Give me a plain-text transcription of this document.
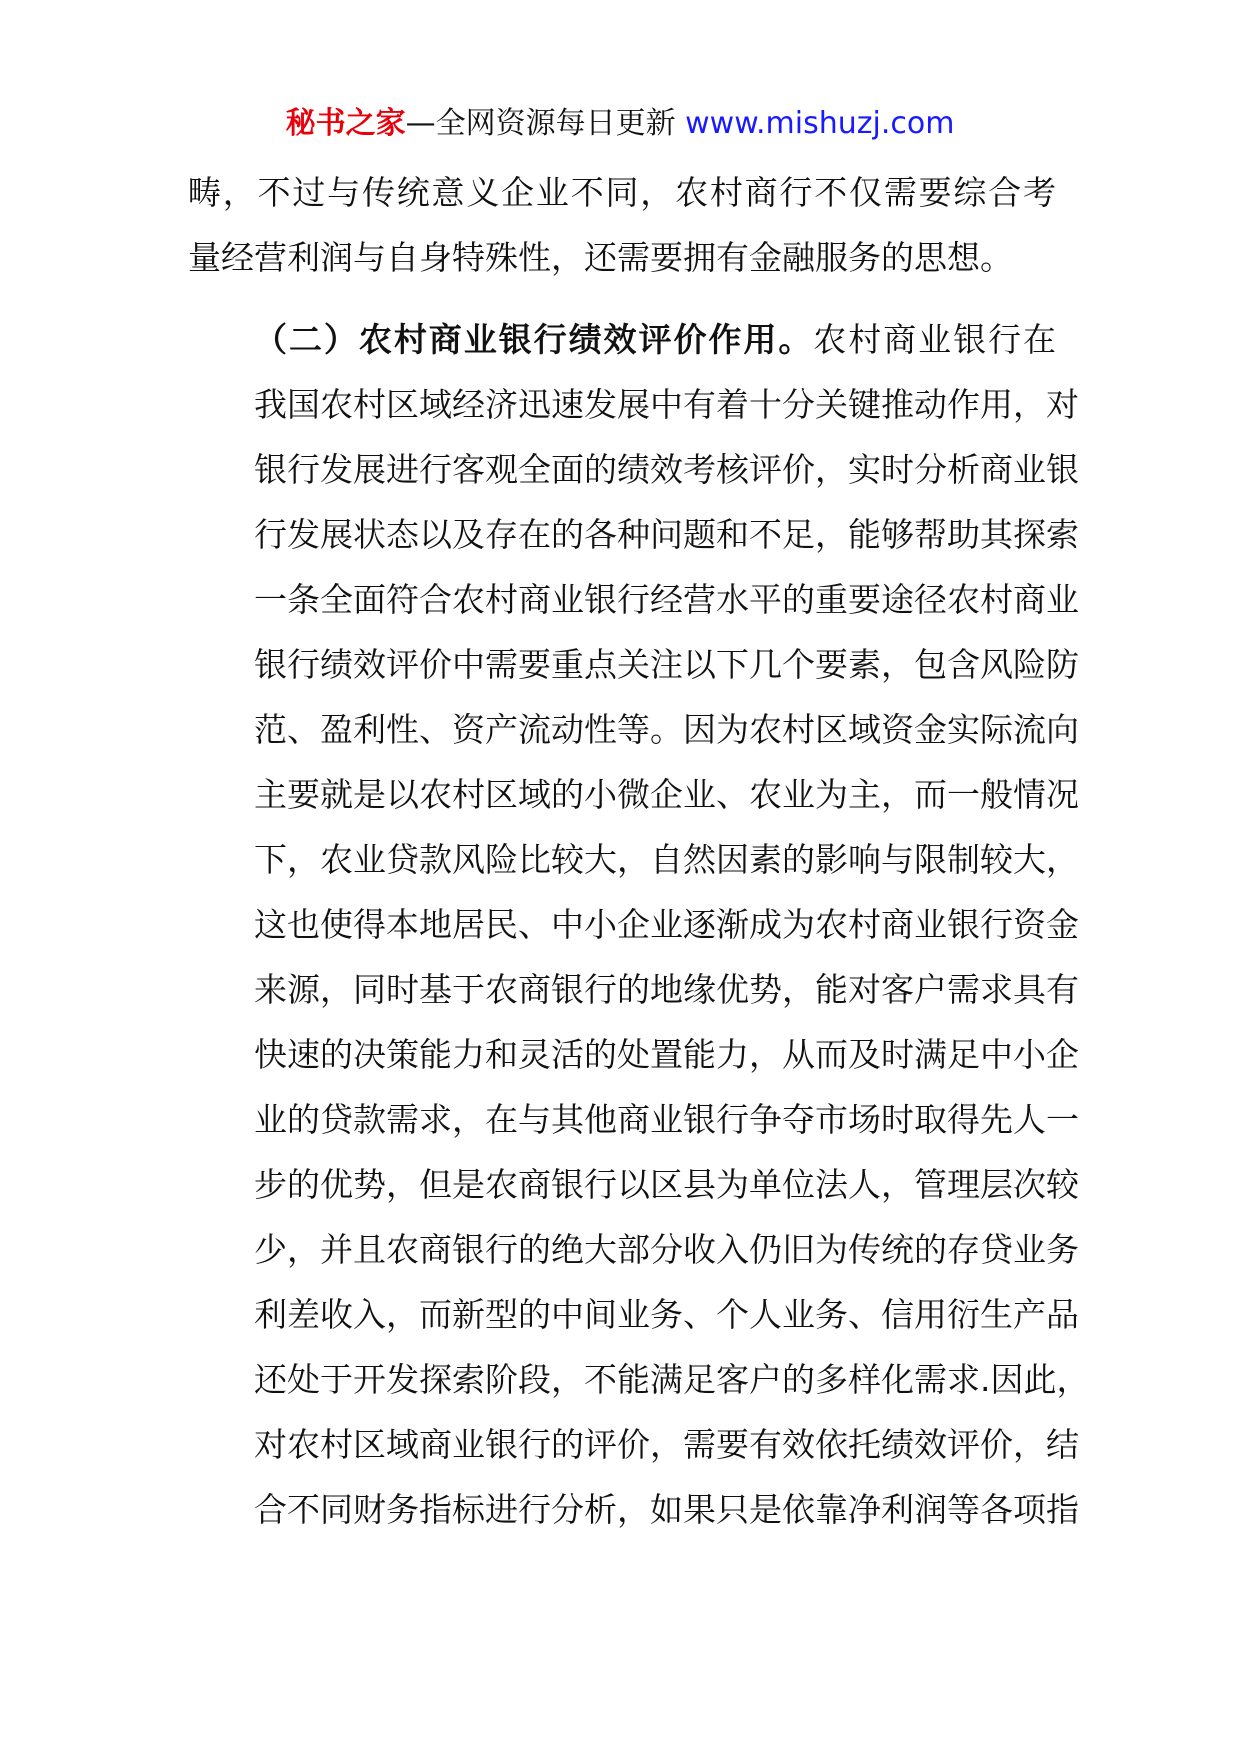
秘书之家—全网资源每日更新 www.mishuzj.com
畴，不过与传统意义企业不同，农村商行不仅需要综合考
量经营利润与自身特殊性，还需要拥有金融服务的思想。
（二）农村商业银行绩效评价作用。农村商业银行在
我国农村区域经济迅速发展中有着十分关键推动作用，对
银行发展进行客观全面的绩效考核评价，实时分析商业银
行发展状态以及存在的各种问题和不足，能够帮助其探索
一条全面符合农村商业银行经营水平的重要途径农村商业
银行绩效评价中需要重点关注以下几个要素，包含风险防
范、盈利性、资产流动性等。因为农村区域资金实际流向
主要就是以农村区域的小微企业、农业为主，而一般情况
下，农业贷款风险比较大，自然因素的影响与限制较大，
这也使得本地居民、中小企业逐渐成为农村商业银行资金
来源，同时基于农商银行的地缘优势，能对客户需求具有
快速的决策能力和灵活的处置能力，从而及时满足中小企
业的贷款需求，在与其他商业银行争夺市场时取得先人一
步的优势，但是农商银行以区县为单位法人，管理层次较
少，并且农商银行的绝大部分收入仍旧为传统的存贷业务
利差收入，而新型的中间业务、个人业务、信用衍生产品
还处于开发探索阶段，不能满足客户的多样化需求.因此，
对农村区域商业银行的评价，需要有效依托绩效评价，结
合不同财务指标进行分析，如果只是依靠净利润等各项指
